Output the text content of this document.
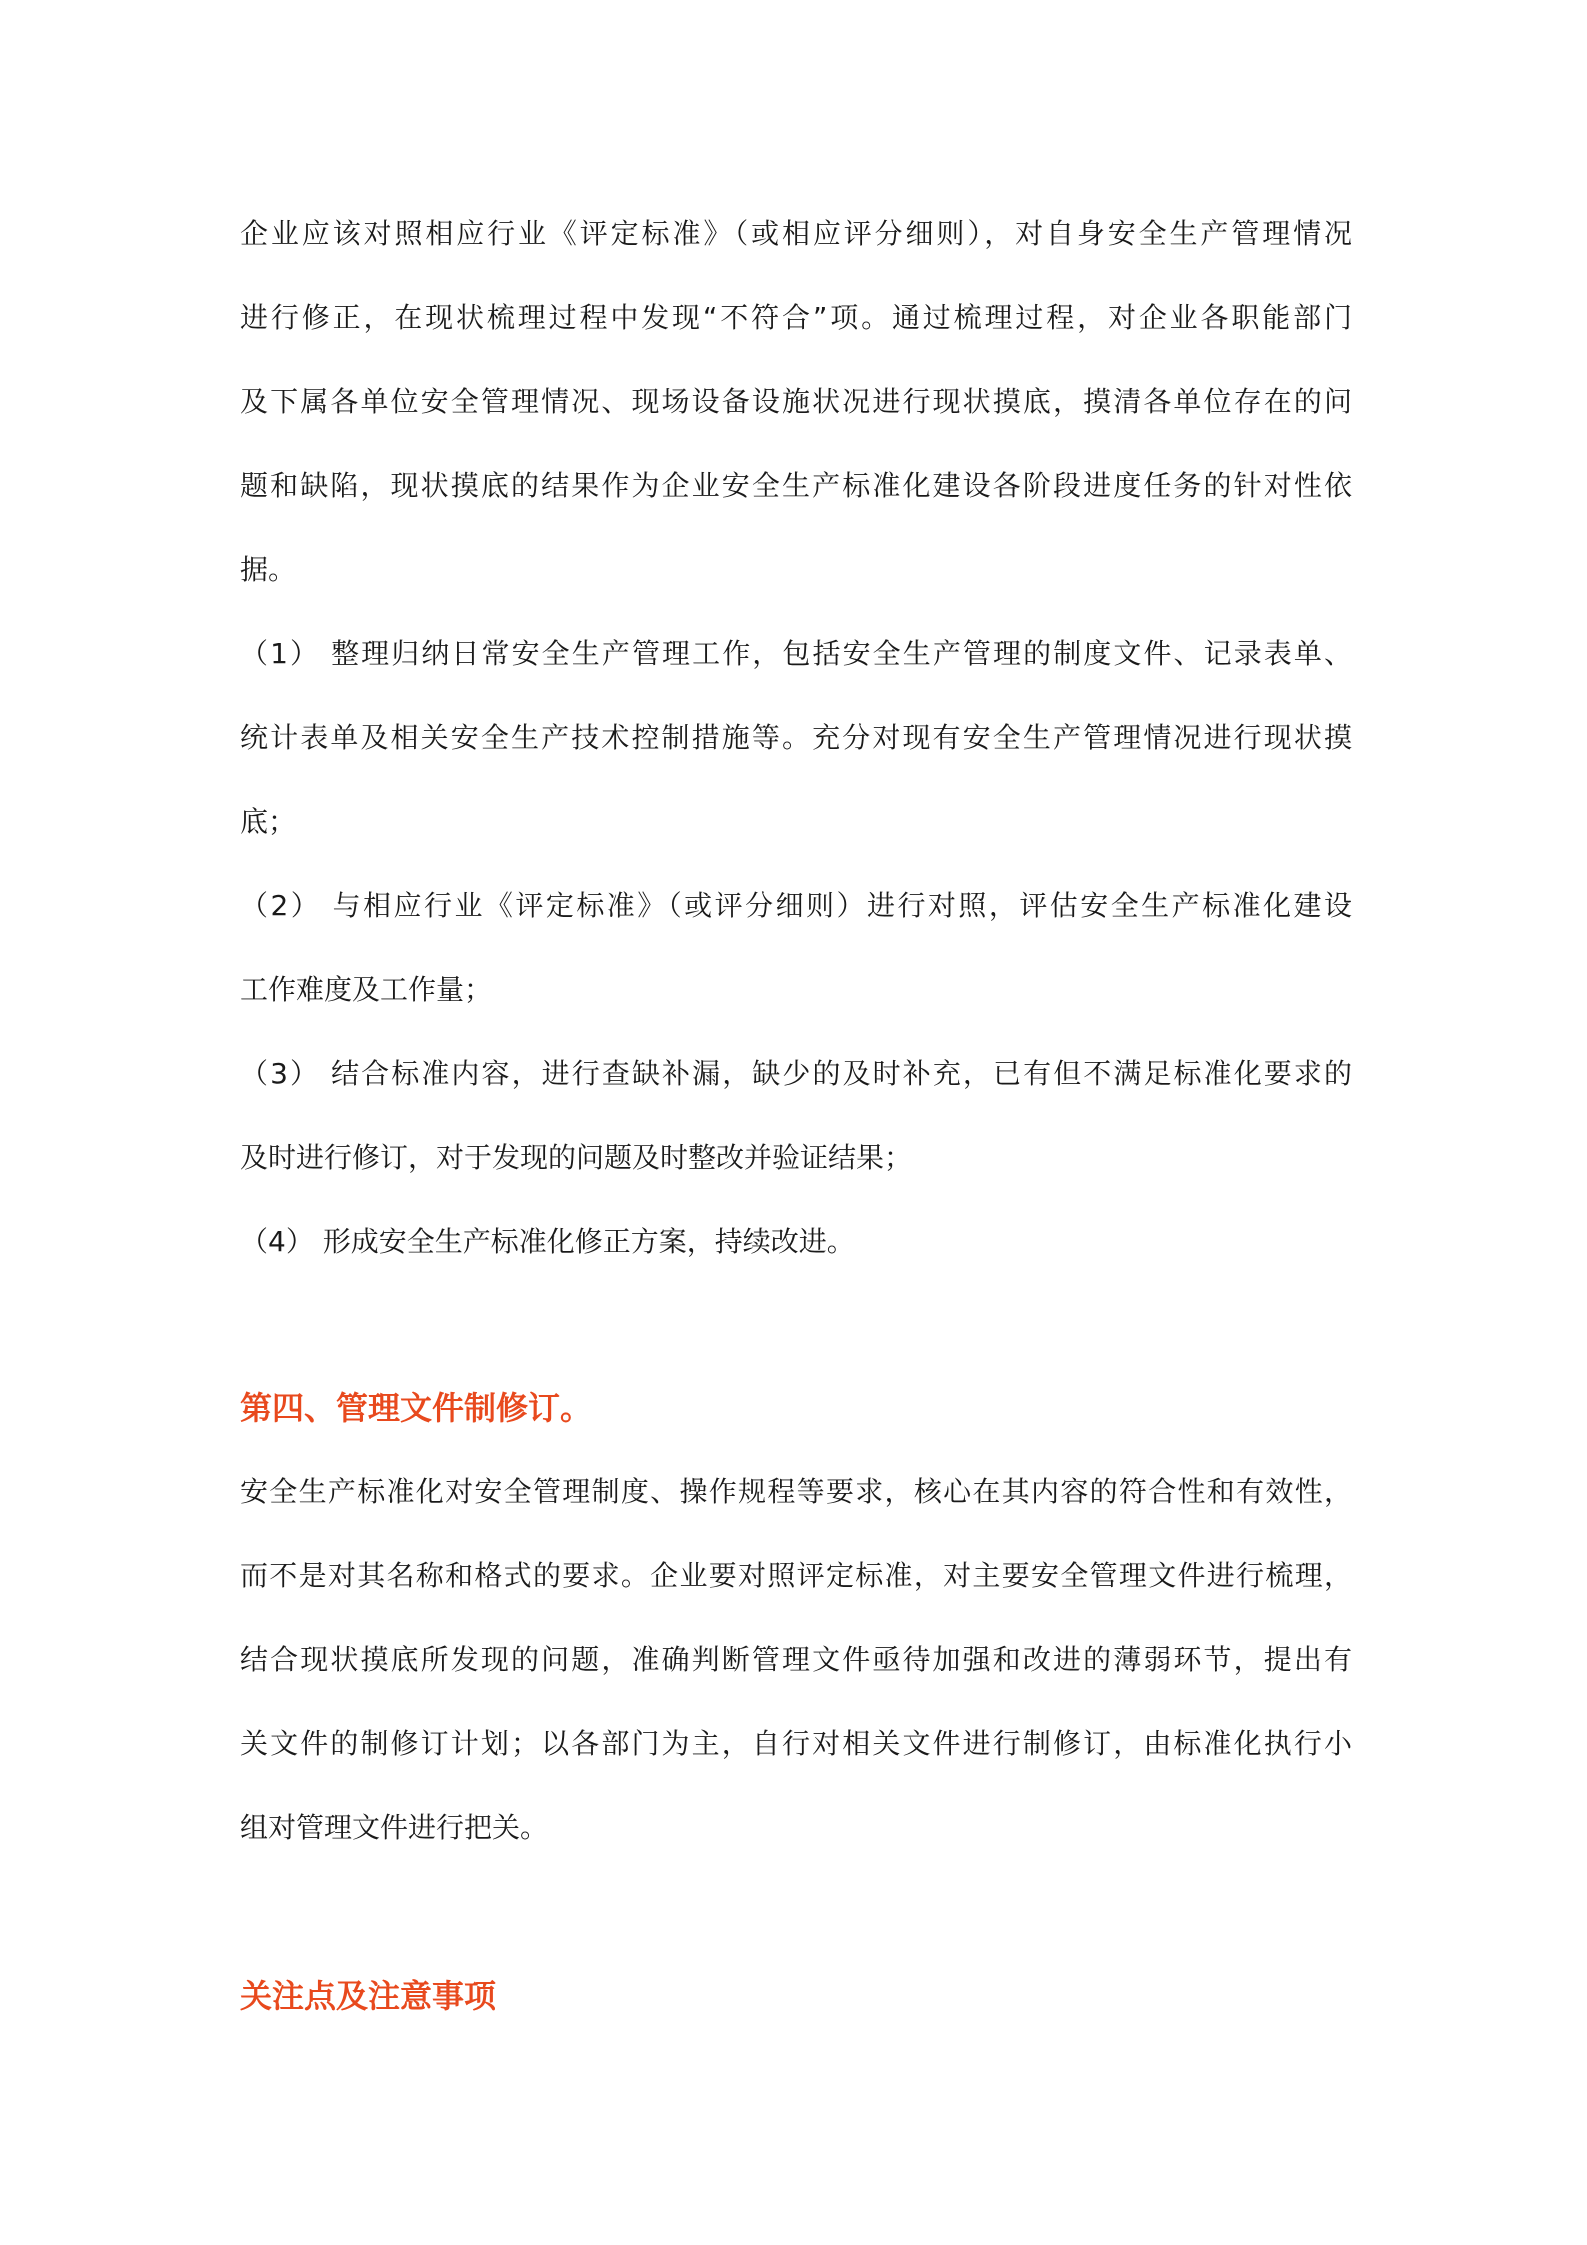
企业应该对照相应行业《评定标准》（或相应评分细则），对自身安全生产管理情况
进行修正，在现状梳理过程中发现“不符合”项。通过梳理过程，对企业各职能部门
及下属各单位安全管理情况、现场设备设施状况进行现状摸底，摸清各单位存在的问
题和缺陷，现状摸底的结果作为企业安全生产标准化建设各阶段进度任务的针对性依
据。
（1） 整理归纳日常安全生产管理工作，包括安全生产管理的制度文件、记录表单、
统计表单及相关安全生产技术控制措施等。充分对现有安全生产管理情况进行现状摸
底；
（2） 与相应行业《评定标准》（或评分细则）进行对照，评估安全生产标准化建设
工作难度及工作量；
（3） 结合标准内容，进行查缺补漏，缺少的及时补充，已有但不满足标准化要求的
及时进行修订，对于发现的问题及时整改并验证结果；
（4） 形成安全生产标准化修正方案，持续改进。
第四、管理文件制修订。
安全生产标准化对安全管理制度、操作规程等要求，核心在其内容的符合性和有效性，
而不是对其名称和格式的要求。企业要对照评定标准，对主要安全管理文件进行梳理，
结合现状摸底所发现的问题，准确判断管理文件亟待加强和改进的薄弱环节，提出有
关文件的制修订计划；以各部门为主，自行对相关文件进行制修订，由标准化执行小
组对管理文件进行把关。
关注点及注意事项
